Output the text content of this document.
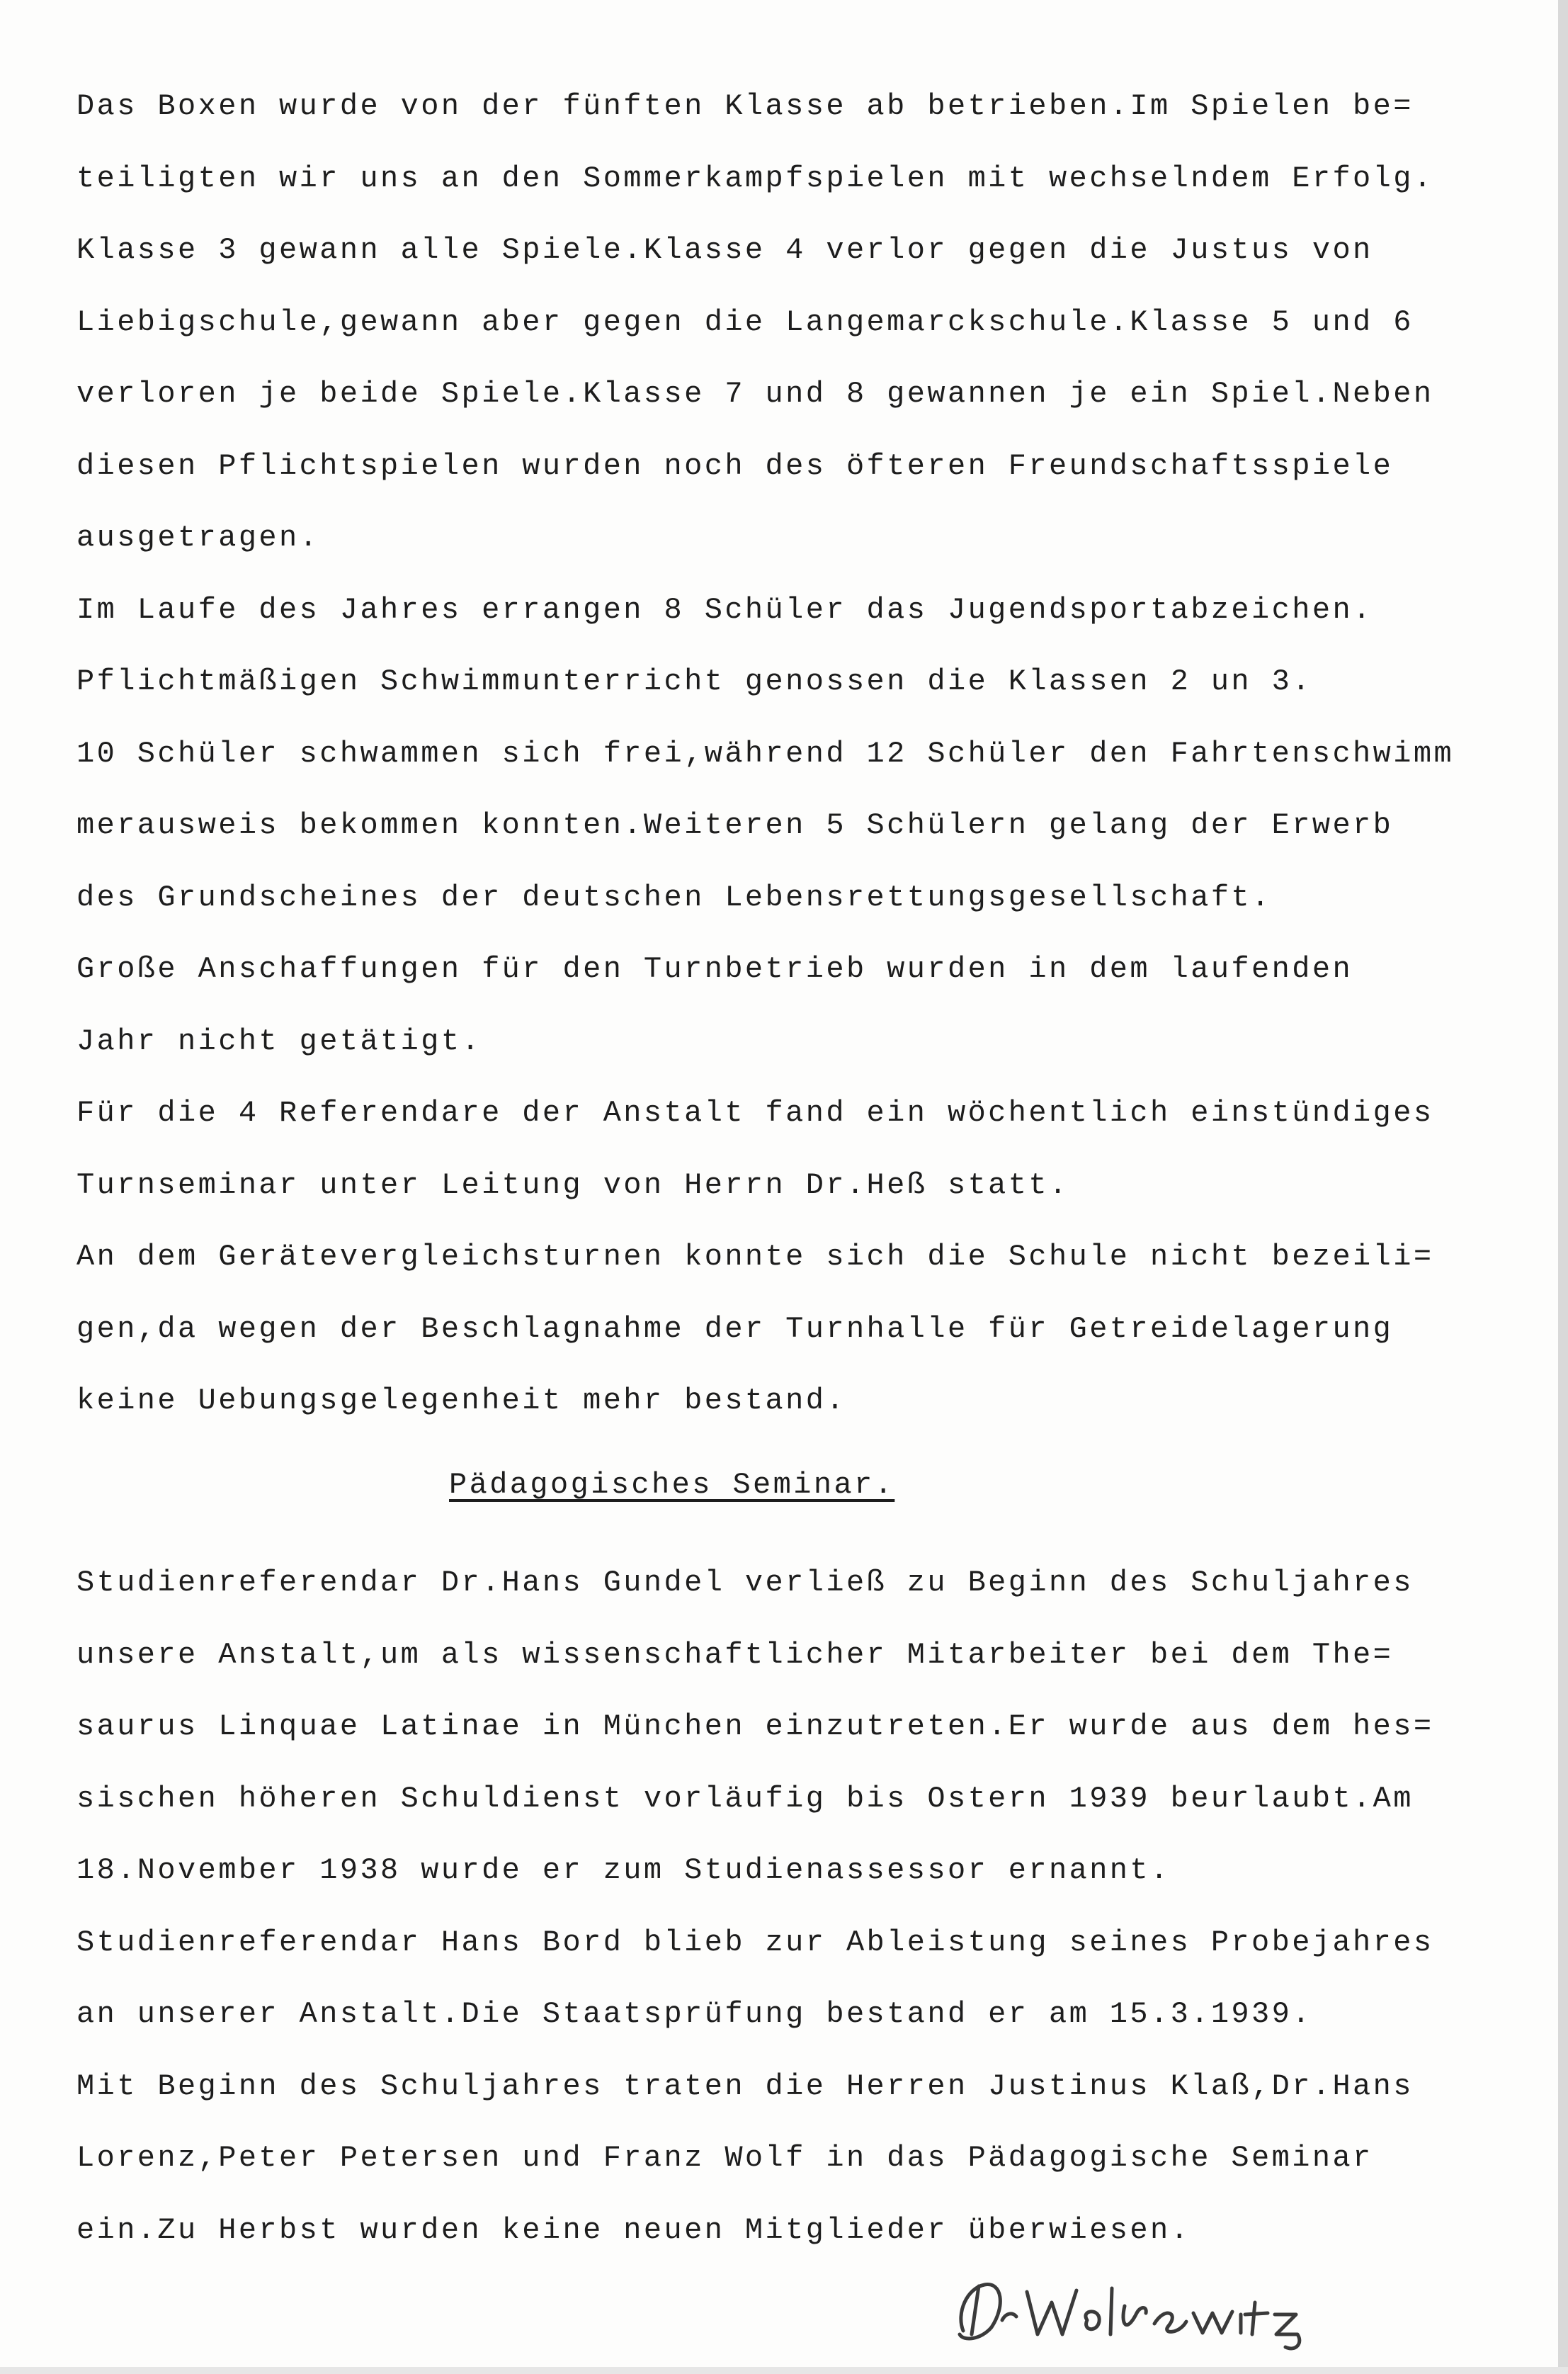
Das Boxen wurde von der fünften Klasse ab betrieben.Im Spielen be=
teiligten wir uns an den Sommerkampfspielen mit wechselndem Erfolg.
Klasse 3 gewann alle Spiele.Klasse 4 verlor gegen die Justus von
Liebigschule,gewann aber gegen die Langemarckschule.Klasse 5 und 6
verloren je beide Spiele.Klasse 7 und 8 gewannen je ein Spiel.Neben
diesen Pflichtspielen wurden noch des öfteren Freundschaftsspiele
ausgetragen.
Im Laufe des Jahres errangen 8 Schüler das Jugendsportabzeichen.
Pflichtmäßigen Schwimmunterricht genossen die Klassen 2 un 3.
10 Schüler schwammen sich frei,während 12 Schüler den Fahrtenschwimm
merausweis bekommen konnten.Weiteren 5 Schülern gelang der Erwerb
des Grundscheines der deutschen Lebensrettungsgesellschaft.
Große Anschaffungen für den Turnbetrieb wurden in dem laufenden
Jahr nicht getätigt.
Für die 4 Referendare der Anstalt fand ein wöchentlich einstündiges
Turnseminar unter Leitung von Herrn Dr.Heß statt.
An dem Gerätevergleichsturnen konnte sich die Schule nicht bezeili=
gen,da wegen der Beschlagnahme der Turnhalle für Getreidelagerung
keine Uebungsgelegenheit mehr bestand.
Pädagogisches Seminar.
Studienreferendar Dr.Hans Gundel verließ zu Beginn des Schuljahres
unsere Anstalt,um als wissenschaftlicher Mitarbeiter bei dem The=
saurus Linquae Latinae in München einzutreten.Er wurde aus dem hes=
sischen höheren Schuldienst vorläufig bis Ostern 1939 beurlaubt.Am
18.November 1938 wurde er zum Studienassessor ernannt.
Studienreferendar Hans Bord blieb zur Ableistung seines Probejahres
an unserer Anstalt.Die Staatsprüfung bestand er am 15.3.1939.
Mit Beginn des Schuljahres traten die Herren Justinus Klaß,Dr.Hans
Lorenz,Peter Petersen und Franz Wolf in das Pädagogische Seminar
ein.Zu Herbst wurden keine neuen Mitglieder überwiesen.
Dr. Wolkewitz
